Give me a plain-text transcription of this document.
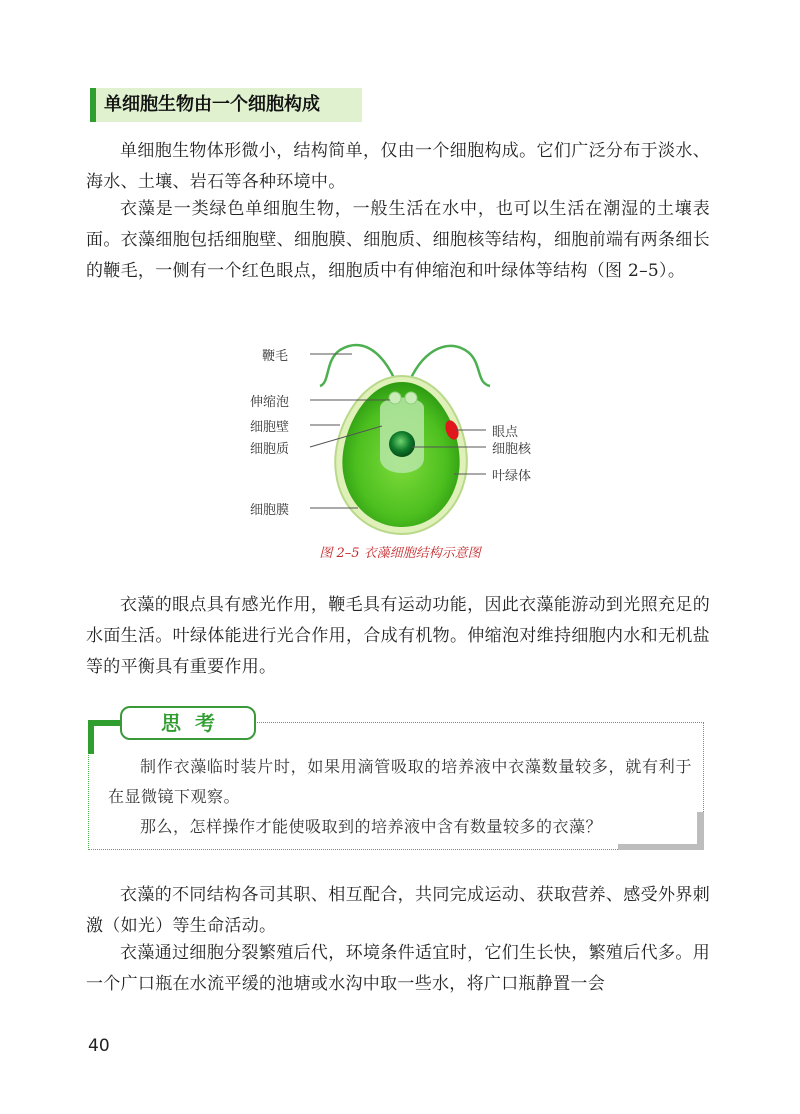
单细胞生物由一个细胞构成

单细胞生物体形微小，结构简单，仅由一个细胞构成。它们广泛分布于淡水、海水、土壤、岩石等各种环境中。

衣藻是一类绿色单细胞生物，一般生活在水中，也可以生活在潮湿的土壤表面。衣藻细胞包括细胞壁、细胞膜、细胞质、细胞核等结构，细胞前端有两条细长的鞭毛，一侧有一个红色眼点，细胞质中有伸缩泡和叶绿体等结构（图 2–5）。

鞭毛
伸缩泡
细胞壁
细胞质
细胞膜
眼点
细胞核
叶绿体
图 2–5 衣藻细胞结构示意图

衣藻的眼点具有感光作用，鞭毛具有运动功能，因此衣藻能游动到光照充足的水面生活。叶绿体能进行光合作用，合成有机物。伸缩泡对维持细胞内水和无机盐等的平衡具有重要作用。

思考

制作衣藻临时装片时，如果用滴管吸取的培养液中衣藻数量较多，就有利于在显微镜下观察。

那么，怎样操作才能使吸取到的培养液中含有数量较多的衣藻？

衣藻的不同结构各司其职、相互配合，共同完成运动、获取营养、感受外界刺激（如光）等生命活动。

衣藻通过细胞分裂繁殖后代，环境条件适宜时，它们生长快，繁殖后代多。用一个广口瓶在水流平缓的池塘或水沟中取一些水，将广口瓶静置一会

40
